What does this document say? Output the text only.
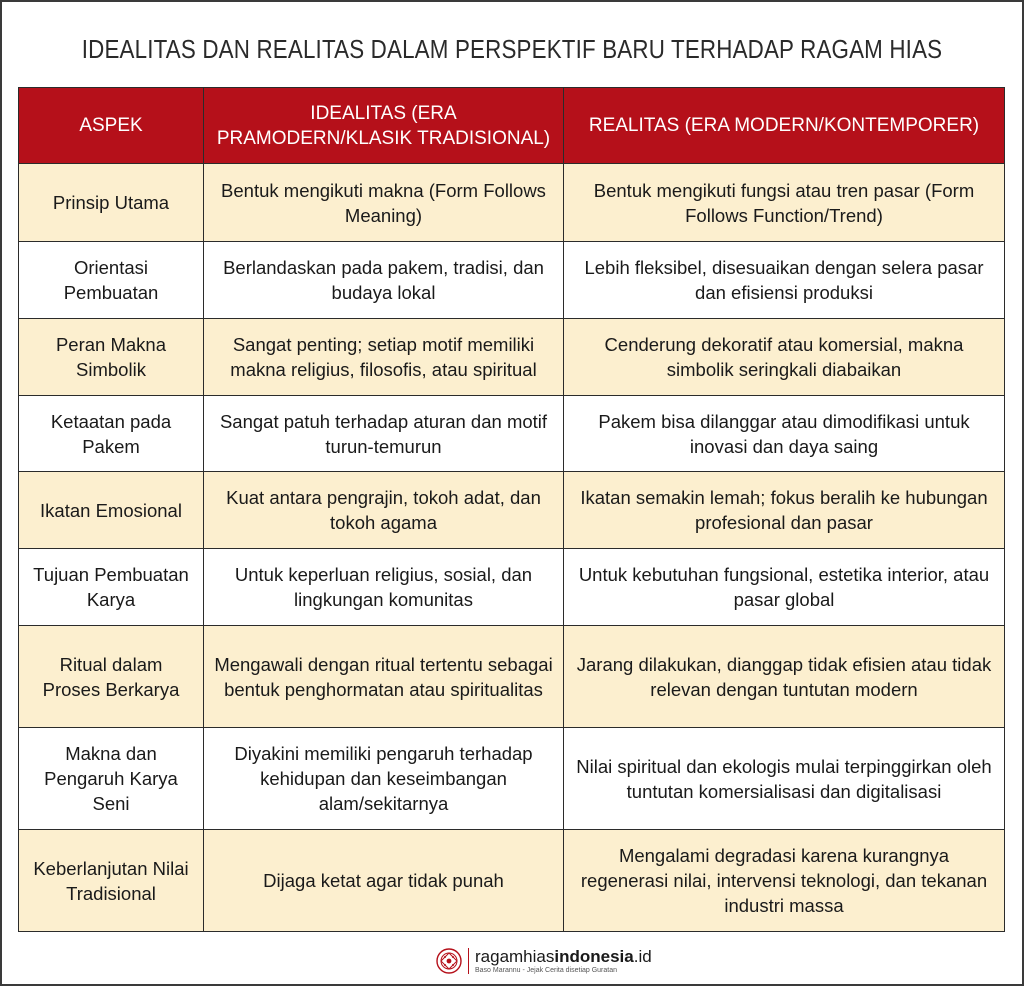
IDEALITAS DAN REALITAS DALAM PERSPEKTIF BARU TERHADAP RAGAM HIAS
ASPEK	IDEALITAS (ERA PRAMODERN/KLASIK TRADISIONAL)	REALITAS (ERA MODERN/KONTEMPORER)
Prinsip Utama	Bentuk mengikuti makna (Form Follows Meaning)	Bentuk mengikuti fungsi atau tren pasar (Form Follows Function/Trend)
Orientasi Pembuatan	Berlandaskan pada pakem, tradisi, dan budaya lokal	Lebih fleksibel, disesuaikan dengan selera pasar dan efisiensi produksi
Peran Makna Simbolik	Sangat penting; setiap motif memiliki makna religius, filosofis, atau spiritual	Cenderung dekoratif atau komersial, makna simbolik seringkali diabaikan
Ketaatan pada Pakem	Sangat patuh terhadap aturan dan motif turun-temurun	Pakem bisa dilanggar atau dimodifikasi untuk inovasi dan daya saing
Ikatan Emosional	Kuat antara pengrajin, tokoh adat, dan tokoh agama	Ikatan semakin lemah; fokus beralih ke hubungan profesional dan pasar
Tujuan Pembuatan Karya	Untuk keperluan religius, sosial, dan lingkungan komunitas	Untuk kebutuhan fungsional, estetika interior, atau pasar global
Ritual dalam Proses Berkarya	Mengawali dengan ritual tertentu sebagai bentuk penghormatan atau spiritualitas	Jarang dilakukan, dianggap tidak efisien atau tidak relevan dengan tuntutan modern
Makna dan Pengaruh Karya Seni	Diyakini memiliki pengaruh terhadap kehidupan dan keseimbangan alam/sekitarnya	Nilai spiritual dan ekologis mulai terpinggirkan oleh tuntutan komersialisasi dan digitalisasi
Keberlanjutan Nilai Tradisional	Dijaga ketat agar tidak punah	Mengalami degradasi karena kurangnya regenerasi nilai, intervensi teknologi, dan tekanan industri massa
ragamhiasindonesia.id
Baso Marannu - Jejak Cerita disetiap Guratan
